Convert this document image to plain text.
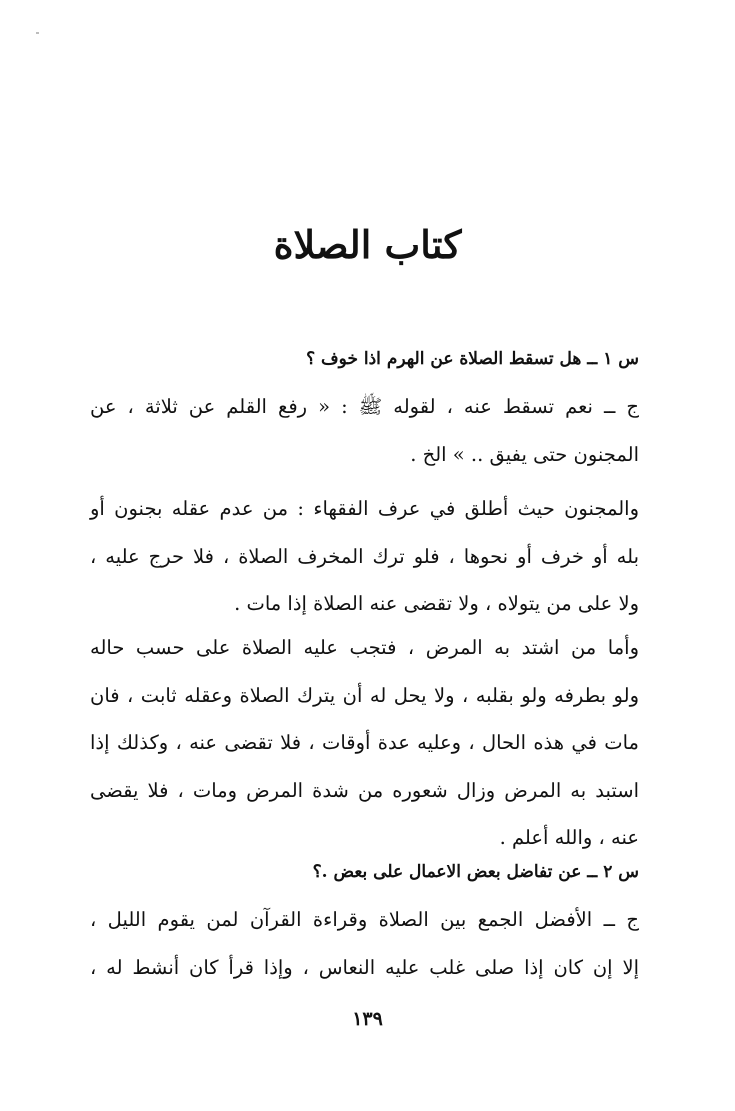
كتاب الصلاة
س ١ ــ هل تسقط الصلاة عن الهرم اذا خوف ؟
ج ــ نعم تسقط عنه ، لقوله ﷺ : « رفع القلم عن ثلاثة ، عن
المجنون حتى يفيق .. » الخ .
والمجنون حيث أطلق في عرف الفقهاء : من عدم عقله بجنون أو
بله أو خرف أو نحوها ، فلو ترك المخرف الصلاة ، فلا حرج عليه ،
ولا على من يتولاه ، ولا تقضى عنه الصلاة إذا مات .
وأما من اشتد به المرض ، فتجب عليه الصلاة على حسب حاله
ولو بطرفه ولو بقلبه ، ولا يحل له أن يترك الصلاة وعقله ثابت ، فان
مات في هذه الحال ، وعليه عدة أوقات ، فلا تقضى عنه ، وكذلك إذا
استبد به المرض وزال شعوره من شدة المرض ومات ، فلا يقضى
عنه ، والله أعلم .
س ٢ ــ عن تفاضل بعض الاعمال على بعض .؟
ج ــ الأفضل الجمع بين الصلاة وقراءة القرآن لمن يقوم الليل ،
إلا إن كان إذا صلى غلب عليه النعاس ، وإذا قرأ كان أنشط له ،
١٣٩
